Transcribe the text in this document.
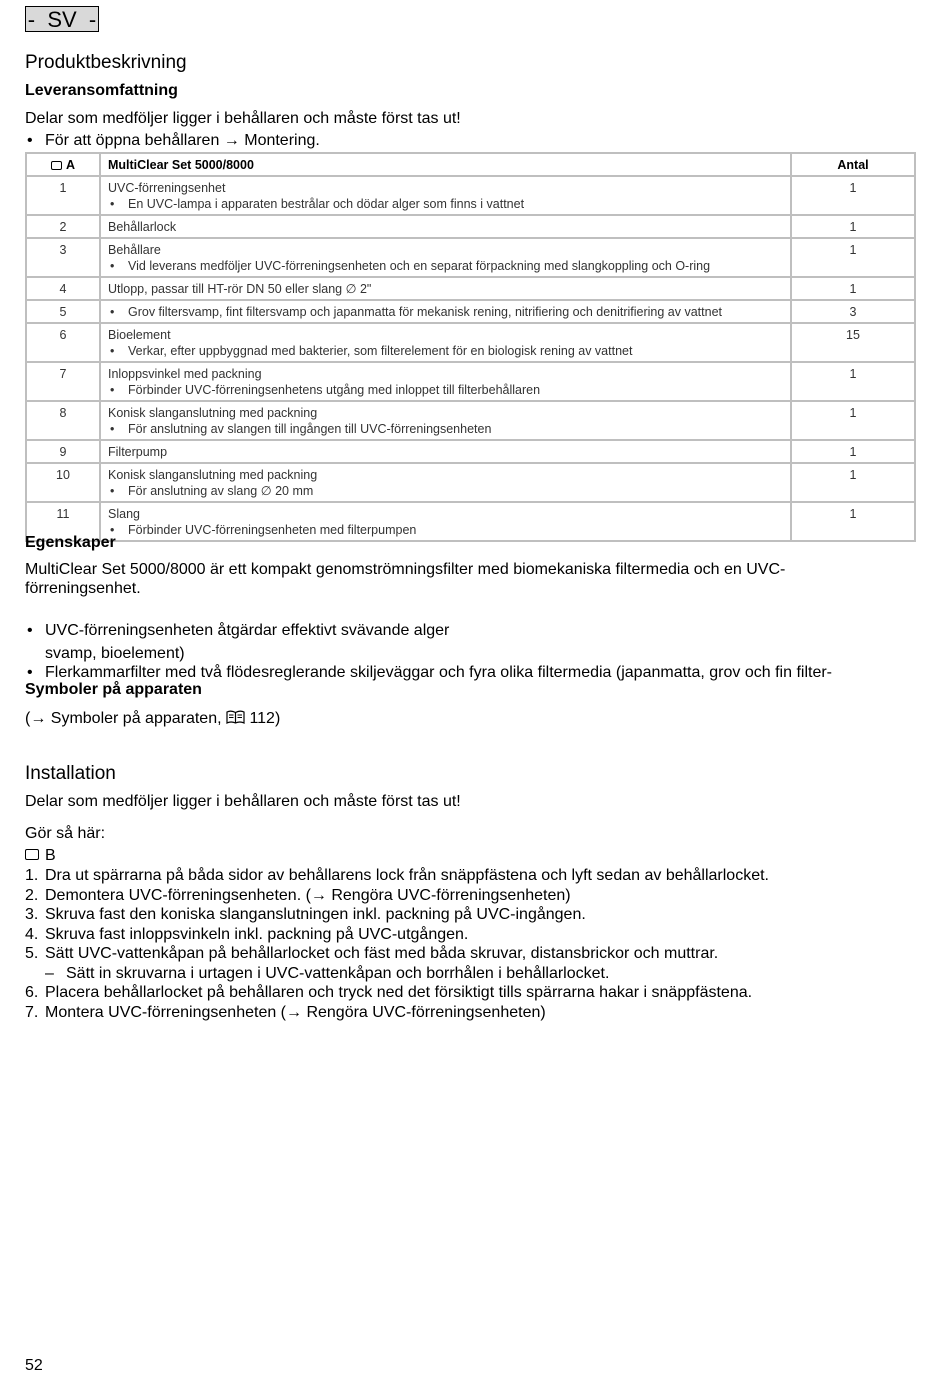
-  SV  -
Produktbeskrivning
Leveransomfattning

Delar som medföljer ligger i behållaren och måste först tas ut!

• För att öppna behållaren → Montering.

A	MultiClear Set 5000/8000	Antal
1	UVC-förreningsenhet
• En UVC-lampa i apparaten bestrålar och dödar alger som finns i vattnet	1
2	Behållarlock	1
3	Behållare
• Vid leverans medföljer UVC-förreningsenheten och en separat förpackning med slangkoppling och O-ring	1
4	Utlopp, passar till HT-rör DN 50 eller slang ∅ 2"	1
5	• Grov filtersvamp, fint filtersvamp och japanmatta för mekanisk rening, nitrifiering och denitrifiering av vattnet	3
6	Bioelement
• Verkar, efter uppbyggnad med bakterier, som filterelement för en biologisk rening av vattnet	15
7	Inloppsvinkel med packning
• Förbinder UVC-förreningsenhetens utgång med inloppet till filterbehållaren	1
8	Konisk slanganslutning med packning
• För anslutning av slangen till ingången till UVC-förreningsenheten	1
9	Filterpump	1
10	Konisk slanganslutning med packning
• För anslutning av slang ∅ 20 mm	1
11	Slang
• Förbinder UVC-förreningsenheten med filterpumpen	1
Egenskaper

MultiClear Set 5000/8000 är ett kompakt genomströmningsfilter med biomekaniska filtermedia och en UVC-

förreningsenhet.

• UVC-förreningsenheten åtgärdar effektivt svävande alger

• Flerkammarfilter med två flödesreglerande skiljeväggar och fyra olika filtermedia (japanmatta, grov och fin filter-

svamp, bioelement)

Symboler på apparaten

(→ Symboler på apparaten,  112)

Installation

Delar som medföljer ligger i behållaren och måste först tas ut!

Gör så här:

B

1. Dra ut spärrarna på båda sidor av behållarens lock från snäppfästena och lyft sedan av behållarlocket.
2. Demontera UVC-förreningsenheten. (→ Rengöra UVC-förreningsenheten)
3. Skruva fast den koniska slanganslutningen inkl. packning på UVC-ingången.
4. Skruva fast inloppsvinkeln inkl. packning på UVC-utgången.
5. Sätt UVC-vattenkåpan på behållarlocket och fäst med båda skruvar, distansbrickor och muttrar.
– Sätt in skruvarna i urtagen i UVC-vattenkåpan och borrhålen i behållarlocket.
6. Placera behållarlocket på behållaren och tryck ned det försiktigt tills spärrarna hakar i snäppfästena.
7. Montera UVC-förreningsenheten (→ Rengöra UVC-förreningsenheten)
52
